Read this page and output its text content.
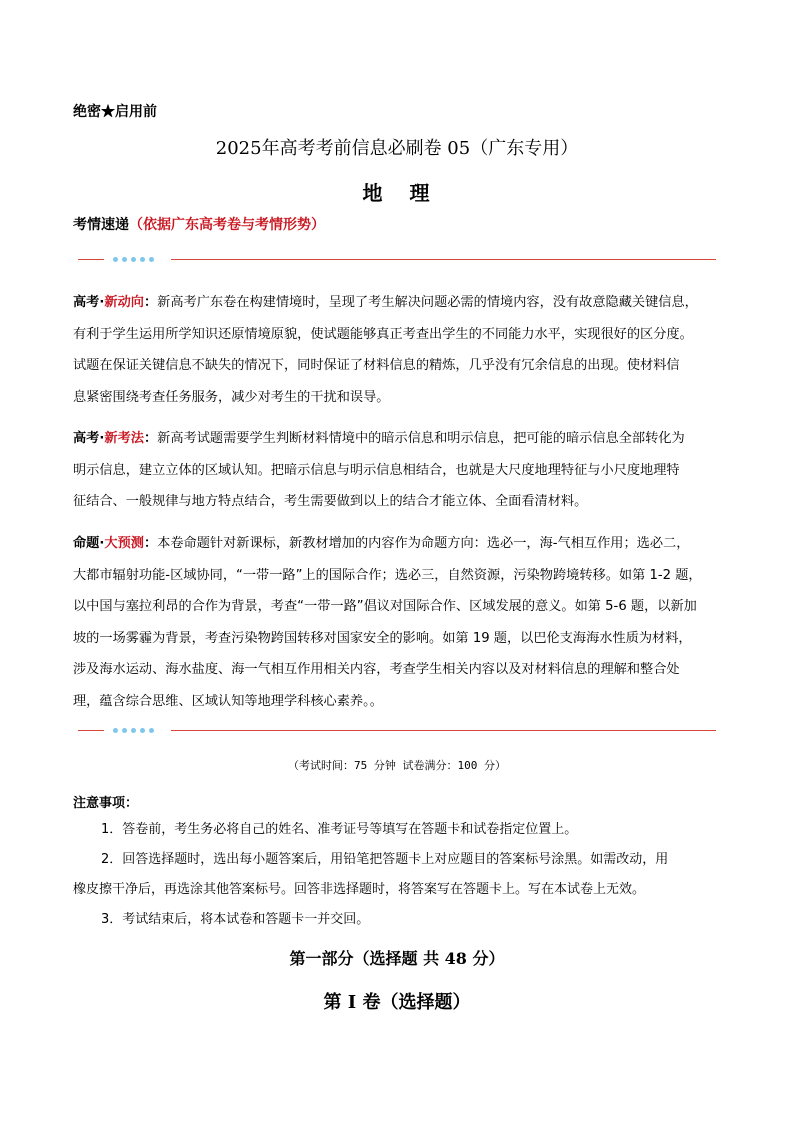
绝密★启用前
2025年高考考前信息必刷卷 05（广东专用）
地 理
考情速递（依据广东高考卷与考情形势）
高考·新动向：新高考广东卷在构建情境时，呈现了考生解决问题必需的情境内容，没有故意隐藏关键信息，
有利于学生运用所学知识还原情境原貌，使试题能够真正考查出学生的不同能力水平，实现很好的区分度。
试题在保证关键信息不缺失的情况下，同时保证了材料信息的精炼，几乎没有冗余信息的出现。使材料信
息紧密围绕考查任务服务，减少对考生的干扰和误导。
高考·新考法：新高考试题需要学生判断材料情境中的暗示信息和明示信息，把可能的暗示信息全部转化为
明示信息，建立立体的区域认知。把暗示信息与明示信息相结合，也就是大尺度地理特征与小尺度地理特
征结合、一般规律与地方特点结合，考生需要做到以上的结合才能立体、全面看清材料。
命题·大预测：本卷命题针对新课标，新教材增加的内容作为命题方向：选必一，海-气相互作用；选必二，
大都市辐射功能-区域协同，“一带一路”上的国际合作；选必三，自然资源，污染物跨境转移。如第 1-2 题，
以中国与塞拉利昂的合作为背景，考查“一带一路”倡议对国际合作、区域发展的意义。如第 5-6 题，以新加
坡的一场雾霾为背景，考查污染物跨国转移对国家安全的影响。如第 19 题，以巴伦支海海水性质为材料，
涉及海水运动、海水盐度、海一气相互作用相关内容，考查学生相关内容以及对材料信息的理解和整合处
理，蕴含综合思维、区域认知等地理学科核心素养。。
（考试时间：75 分钟 试卷满分：100 分）
注意事项：
1．答卷前，考生务必将自己的姓名、准考证号等填写在答题卡和试卷指定位置上。
2．回答选择题时，选出每小题答案后，用铅笔把答题卡上对应题目的答案标号涂黑。如需改动，用
橡皮擦干净后，再选涂其他答案标号。回答非选择题时，将答案写在答题卡上。写在本试卷上无效。
3．考试结束后，将本试卷和答题卡一并交回。
第一部分（选择题 共 48 分）
第 I 卷（选择题）
